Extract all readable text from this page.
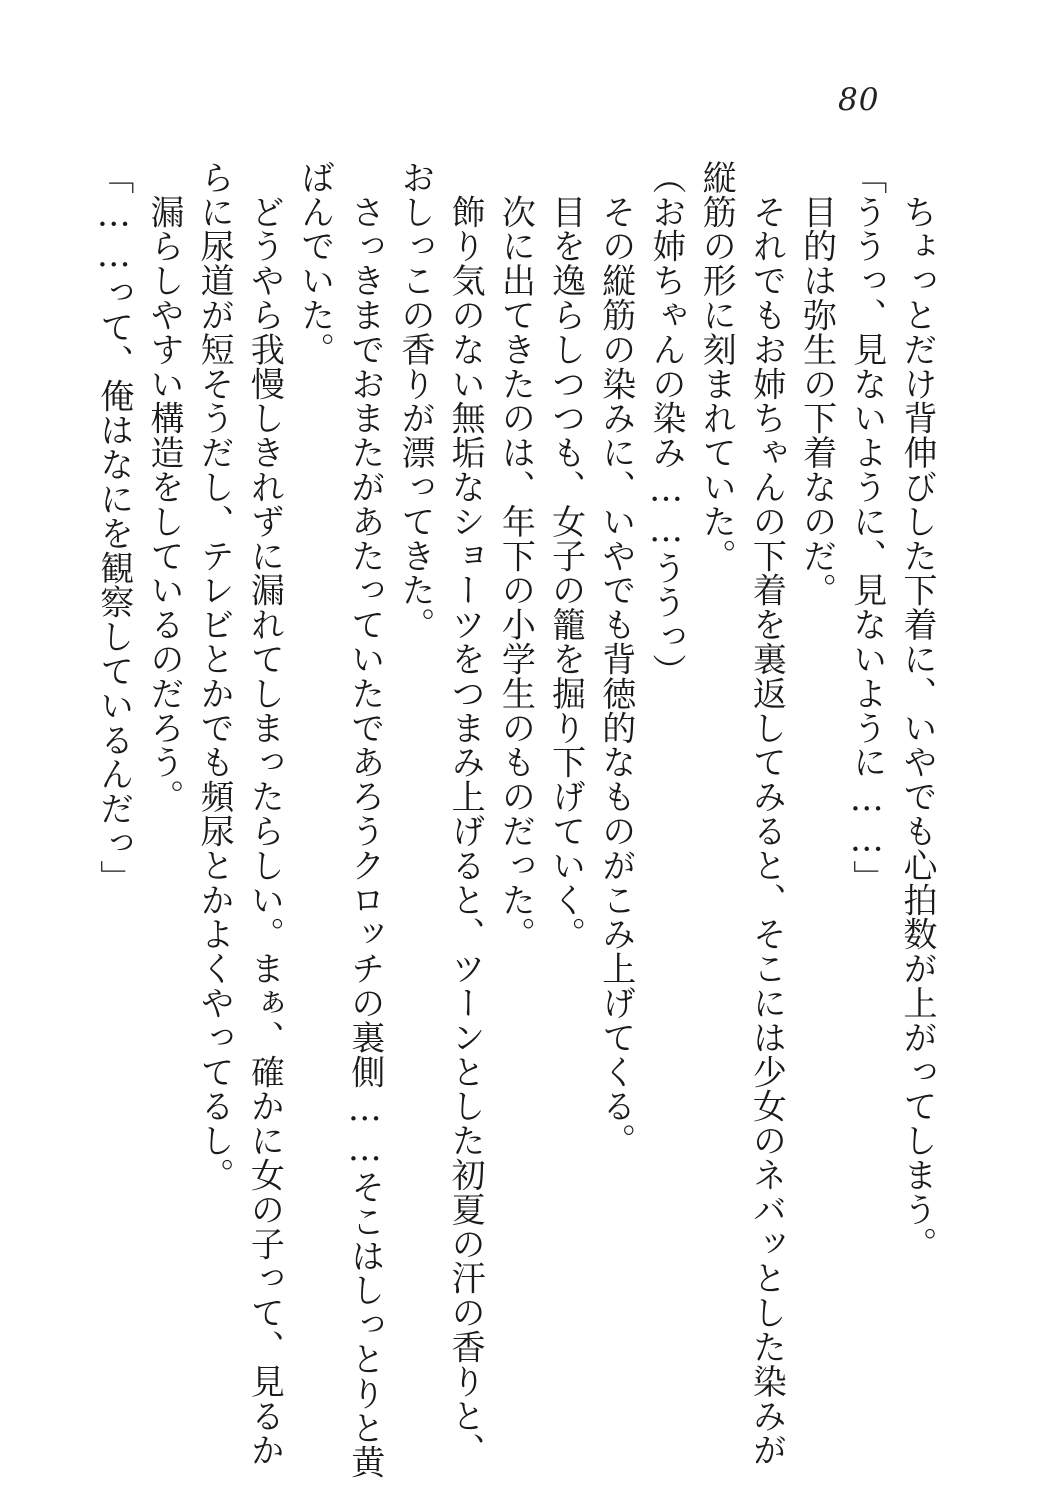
80
　ちょっとだけ背伸びした下着に、いやでも心拍数が上がってしまう。
「ううっ、見ないように、見ないように……」
　目的は弥生の下着なのだ。
　それでもお姉ちゃんの下着を裏返してみると、そこには少女のネバッとした染みが
縦筋の形に刻まれていた。
（お姉ちゃんの染み……ううっ）
　その縦筋の染みに、いやでも背徳的なものがこみ上げてくる。
　目を逸らしつつも、女子の籠を掘り下げていく。
　次に出てきたのは、年下の小学生のものだった。
　飾り気のない無垢なショーツをつまみ上げると、ツーンとした初夏の汗の香りと、
おしっこの香りが漂ってきた。
　さっきまでおまたがあたっていたであろうクロッチの裏側……そこはしっとりと黄
ばんでいた。
　どうやら我慢しきれずに漏れてしまったらしい。まぁ、確かに女の子って、見るか
らに尿道が短そうだし、テレビとかでも頻尿とかよくやってるし。
　漏らしやすい構造をしているのだろう。
「……って、俺はなにを観察しているんだっ」
